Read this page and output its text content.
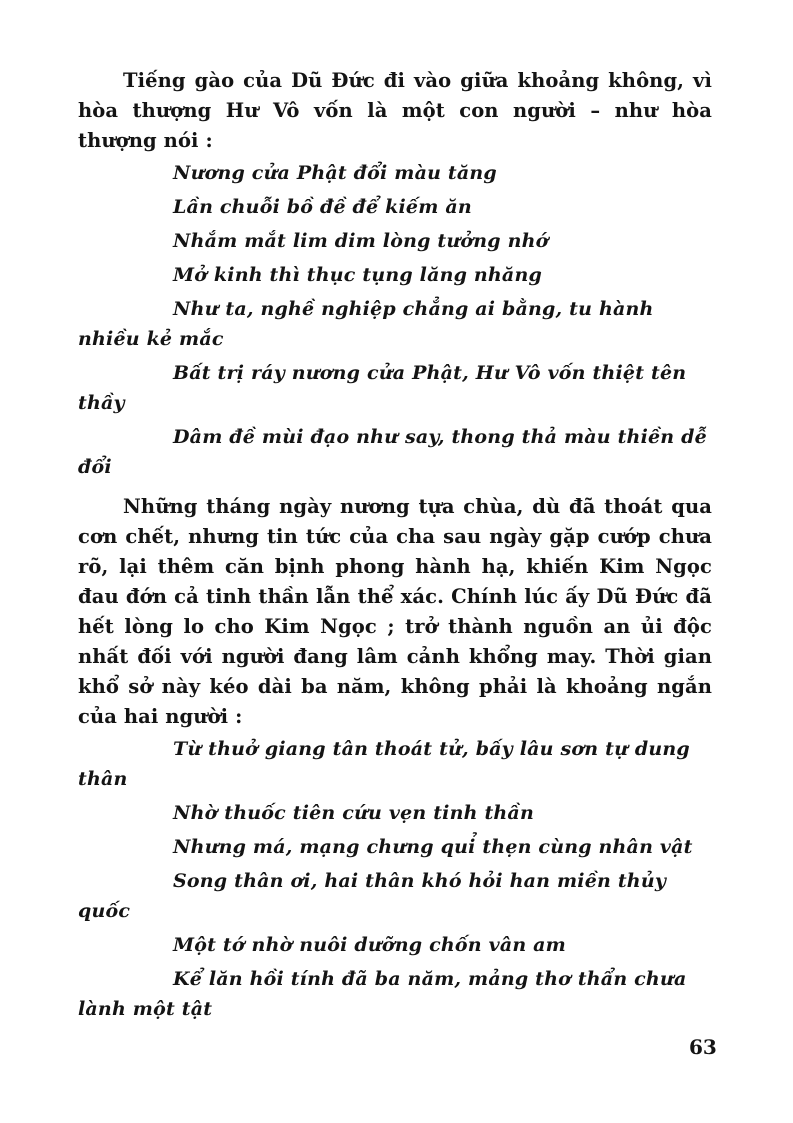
Tiếng gào của Dũ Đức đi vào giữa khoảng không, vì hòa thượng Hư Vô vốn là một con người – như hòa thượng nói :

Nương cửa Phật đổi màu tăng

Lần chuỗi bồ đề để kiếm ăn

Nhắm mắt lim dim lòng tưởng nhớ

Mở kinh thì thục tụng lăng nhăng

Như ta, nghề nghiệp chẳng ai bằng, tu hành nhiều kẻ mắc

Bất trị ráy nương cửa Phật, Hư Vô vốn thiệt tên thầy

Dâm đề mùi đạo như say, thong thả màu thiền dễ đổi

Những tháng ngày nương tựa chùa, dù đã thoát qua cơn chết, nhưng tin tức của cha sau ngày gặp cướp chưa rõ, lại thêm căn bịnh phong hành hạ, khiến Kim Ngọc đau đớn cả tinh thần lẫn thể xác. Chính lúc ấy Dũ Đức đã hết lòng lo cho Kim Ngọc ; trở thành nguồn an ủi độc nhất đối với người đang lâm cảnh khổng may. Thời gian khổ sở này kéo dài ba năm, không phải là khoảng ngắn của hai người :

Từ thuở giang tân thoát tử, bấy lâu sơn tự dung thân

Nhờ thuốc tiên cứu vẹn tinh thần

Nhưng má, mạng chưng quỉ thẹn cùng nhân vật

Song thân ơi, hai thân khó hỏi han miền thủy quốc

Một tớ nhờ nuôi dưỡng chốn vân am

Kể lăn hồi tính đã ba năm, mảng thơ thẩn chưa lành một tật

63
